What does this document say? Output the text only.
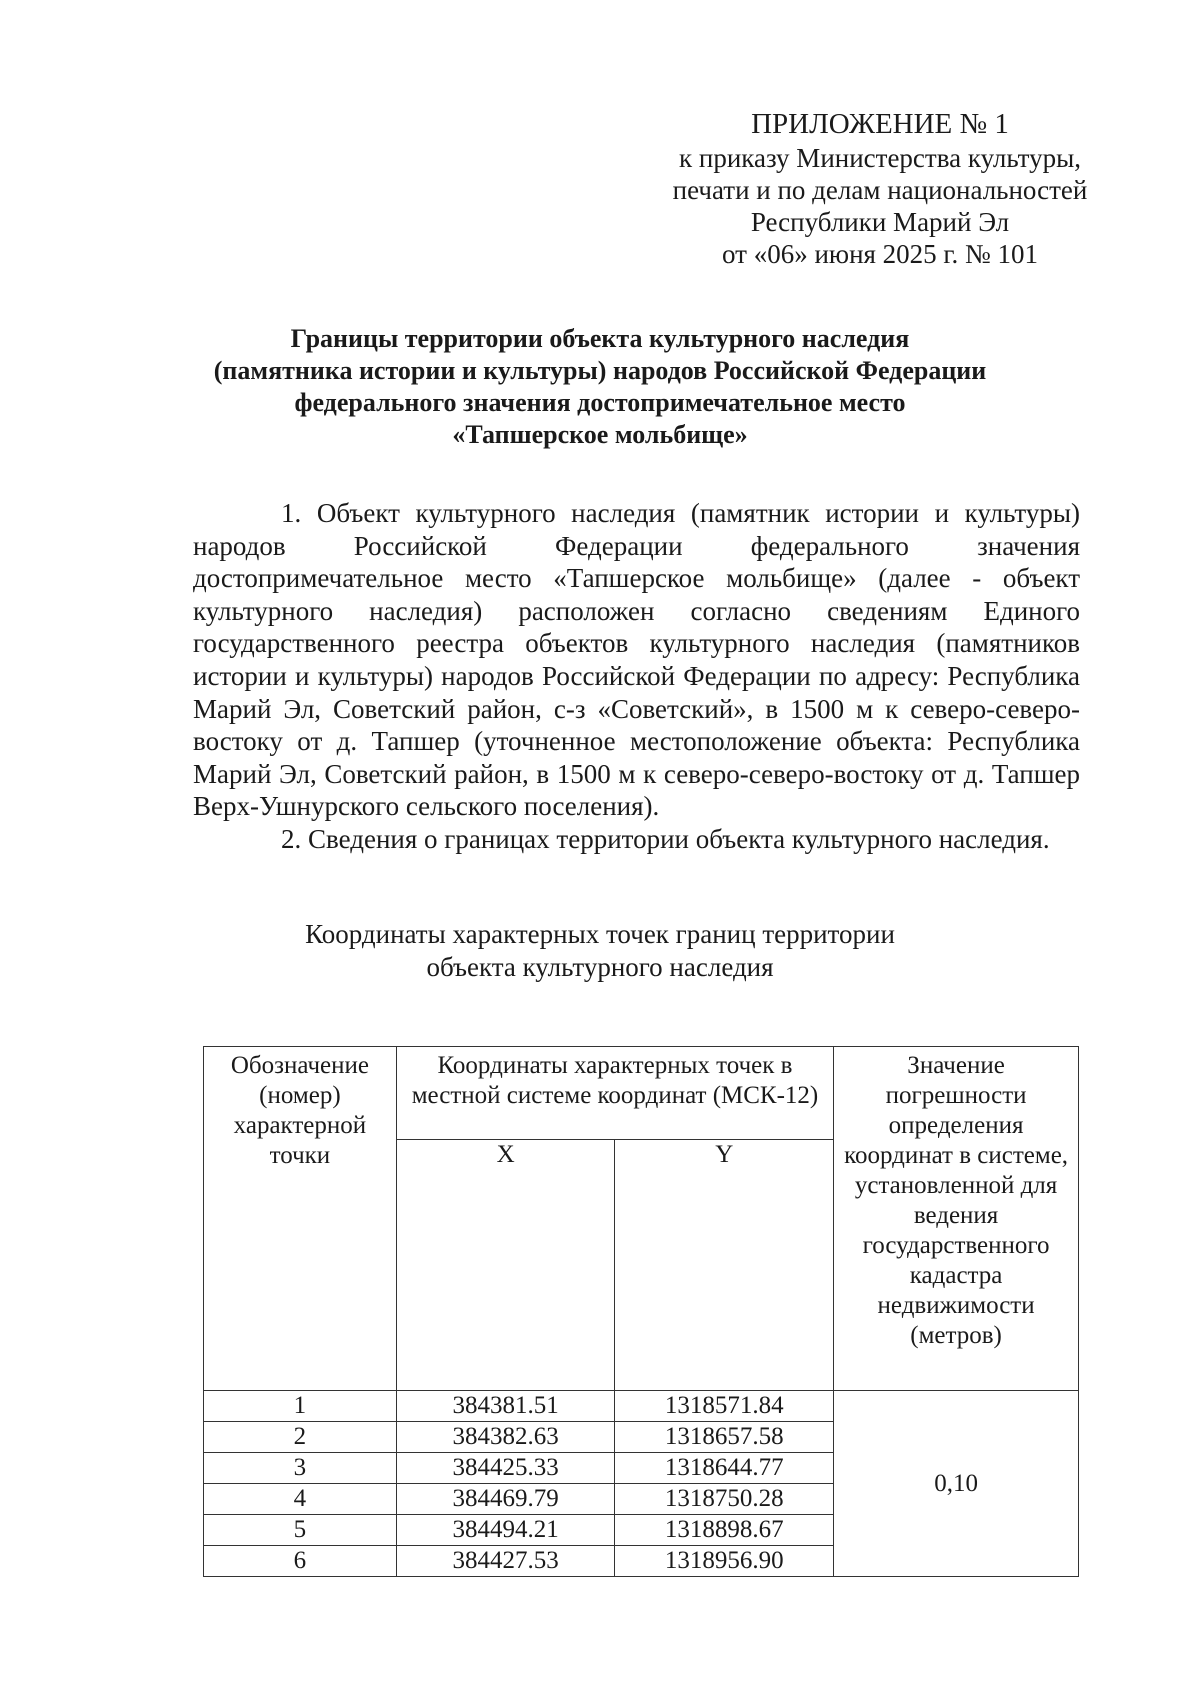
ПРИЛОЖЕНИЕ № 1
к приказу Министерства культуры,
печати и по делам национальностей
Республики Марий Эл
от «06» июня 2025 г. № 101
Границы территории объекта культурного наследия
(памятника истории и культуры) народов Российской Федерации
федерального значения достопримечательное место
«Тапшерское мольбище»

1. Объект культурного наследия (памятник истории и культуры) народов Российской Федерации федерального значения достопримечательное место «Тапшерское мольбище» (далее - объект культурного наследия) расположен согласно сведениям Единого государственного реестра объектов культурного наследия (памятников истории и культуры) народов Российской Федерации по адресу: Республика Марий Эл, Советский район, с-з «Советский», в 1500 м к северо-северо-востоку от д. Тапшер (уточненное местоположение объекта: Республика Марий Эл, Советский район, в 1500 м к северо-северо-востоку от д. Тапшер Верх-Ушнурского сельского поселения).

2. Сведения о границах территории объекта культурного наследия.

Координаты характерных точек границ территории
объекта культурного наследия
Обозначение (номер) характерной точки	Координаты характерных точек в местной системе координат (МСК-12)		Значение погрешности определения координат в системе, установленной для ведения государственного кадастра недвижимости (метров)
	X	Y	
1	384381.51	1318571.84	0,10
2	384382.63	1318657.58	
3	384425.33	1318644.77	
4	384469.79	1318750.28	
5	384494.21	1318898.67	
6	384427.53	1318956.90	
